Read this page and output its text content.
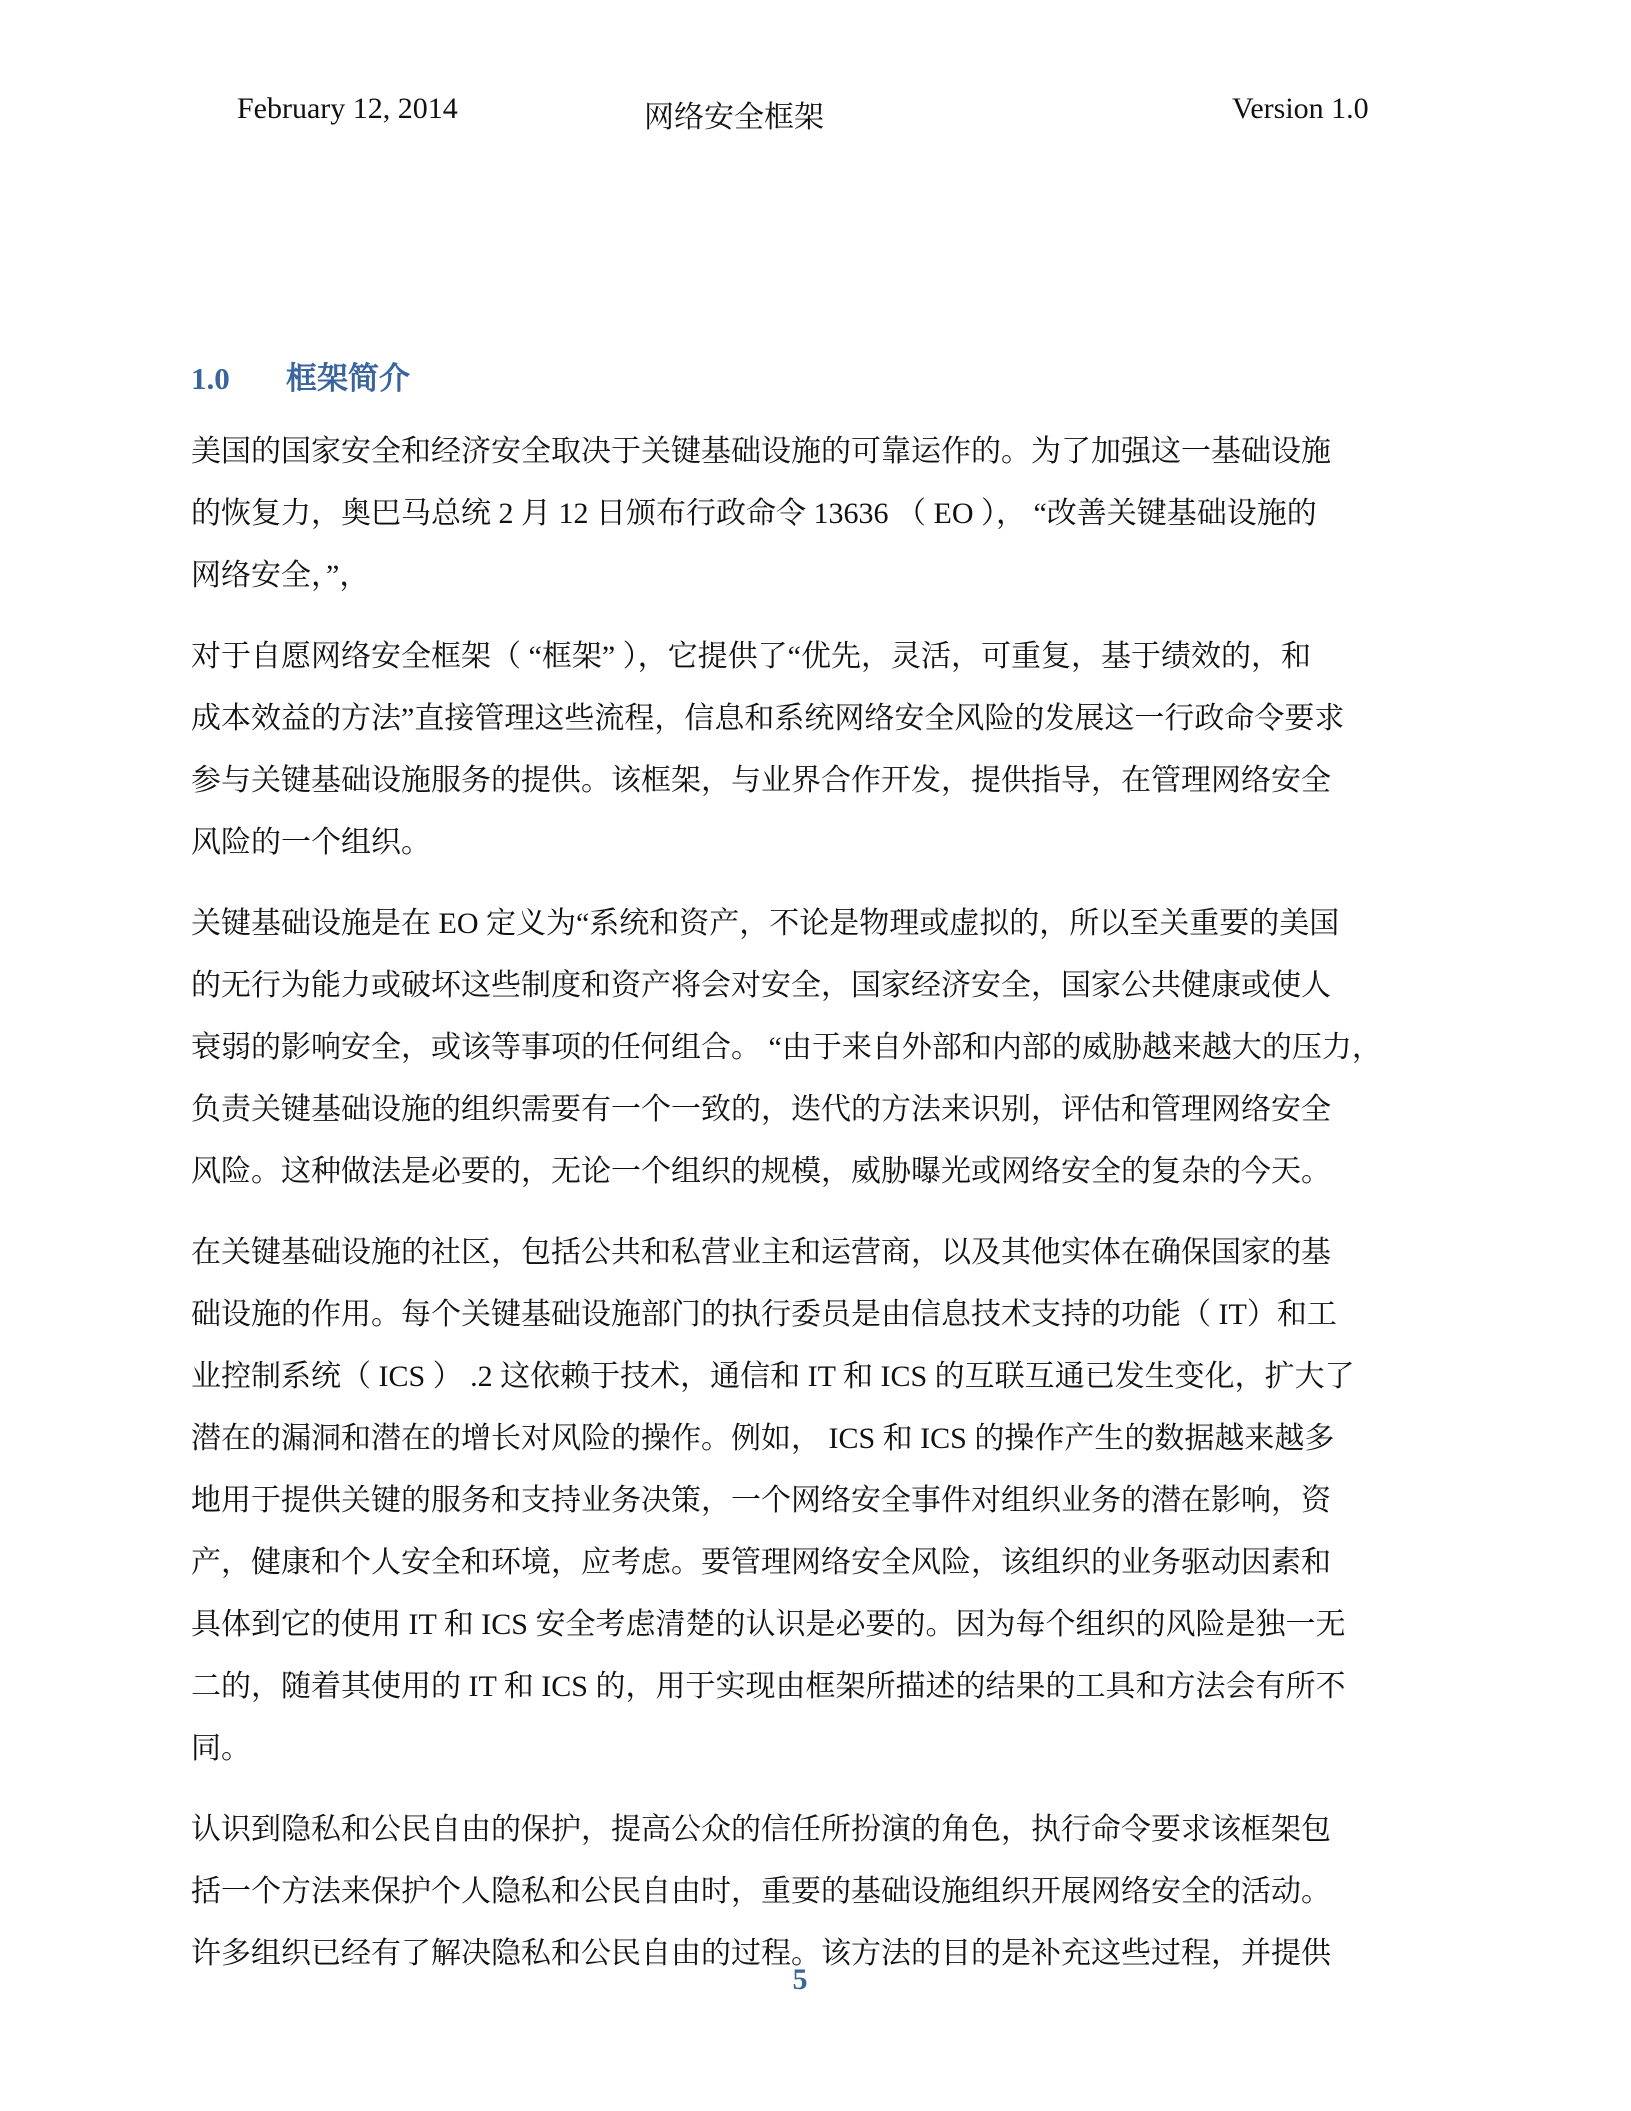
February 12, 2014	网络安全框架	Version 1.0
1.0 框架简介
美国的国家安全和经济安全取决于关键基础设施的可靠运作的。为了加强这一基础设施
的恢复力，奥巴马总统 2 月 12 日颁布行政命令 13636 （ EO ）， “改善关键基础设施的
网络安全，”，
对于自愿网络安全框架（ “框架” ），它提供了“优先，灵活，可重复，基于绩效的，和
成本效益的方法”直接管理这些流程，信息和系统网络安全风险的发展这一行政命令要求
参与关键基础设施服务的提供。该框架，与业界合作开发，提供指导，在管理网络安全
风险的一个组织。
关键基础设施是在 EO 定义为“系统和资产，不论是物理或虚拟的，所以至关重要的美国
的无行为能力或破坏这些制度和资产将会对安全，国家经济安全，国家公共健康或使人
衰弱的影响安全，或该等事项的任何组合。 “由于来自外部和内部的威胁越来越大的压力，
负责关键基础设施的组织需要有一个一致的，迭代的方法来识别，评估和管理网络安全
风险。这种做法是必要的，无论一个组织的规模，威胁曝光或网络安全的复杂的今天。
在关键基础设施的社区，包括公共和私营业主和运营商，以及其他实体在确保国家的基
础设施的作用。每个关键基础设施部门的执行委员是由信息技术支持的功能（ IT）和工
业控制系统（ ICS ） .2 这依赖于技术，通信和 IT 和 ICS 的互联互通已发生变化，扩大了
潜在的漏洞和潜在的增长对风险的操作。例如， ICS 和 ICS 的操作产生的数据越来越多
地用于提供关键的服务和支持业务决策，一个网络安全事件对组织业务的潜在影响，资
产，健康和个人安全和环境，应考虑。要管理网络安全风险，该组织的业务驱动因素和
具体到它的使用 IT 和 ICS 安全考虑清楚的认识是必要的。因为每个组织的风险是独一无
二的，随着其使用的 IT 和 ICS 的，用于实现由框架所描述的结果的工具和方法会有所不
同。
认识到隐私和公民自由的保护，提高公众的信任所扮演的角色，执行命令要求该框架包
括一个方法来保护个人隐私和公民自由时，重要的基础设施组织开展网络安全的活动。
许多组织已经有了解决隐私和公民自由的过程。该方法的目的是补充这些过程，并提供
5
